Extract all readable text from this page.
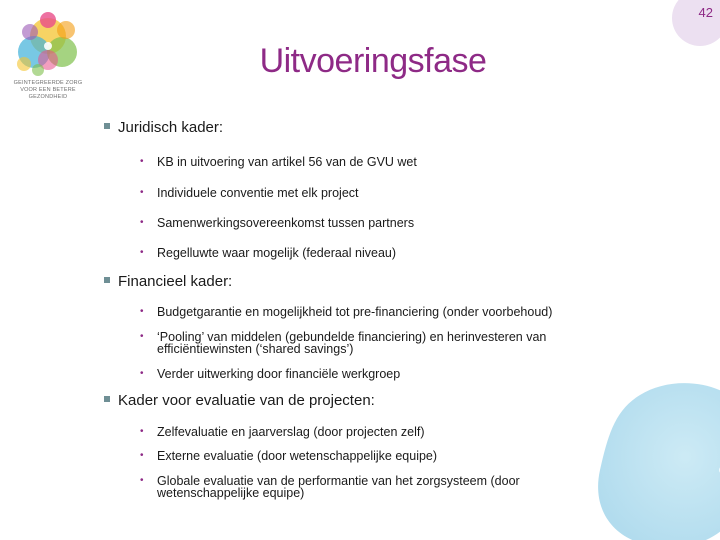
42
GEINTEGREERDE ZORG
VOOR EEN BETERE GEZONDHEID
Uitvoeringsfase
Juridisch kader:
•	KB in uitvoering van artikel 56 van de GVU wet
•	Individuele conventie met elk project
•	Samenwerkingsovereenkomst tussen partners
•	Regelluwte waar mogelijk (federaal niveau)
Financieel kader:
•	Budgetgarantie en mogelijkheid tot pre-financiering (onder voorbehoud)
•	‘Pooling’ van middelen (gebundelde financiering) en herinvesteren van efficiëntiewinsten (‘shared savings’)
•	Verder uitwerking door financiële werkgroep
Kader voor evaluatie van de projecten:
•	Zelfevaluatie en jaarverslag (door projecten zelf)
•	Externe evaluatie (door wetenschappelijke equipe)
•	Globale evaluatie van de performantie van het zorgsysteem (door wetenschappelijke equipe)
